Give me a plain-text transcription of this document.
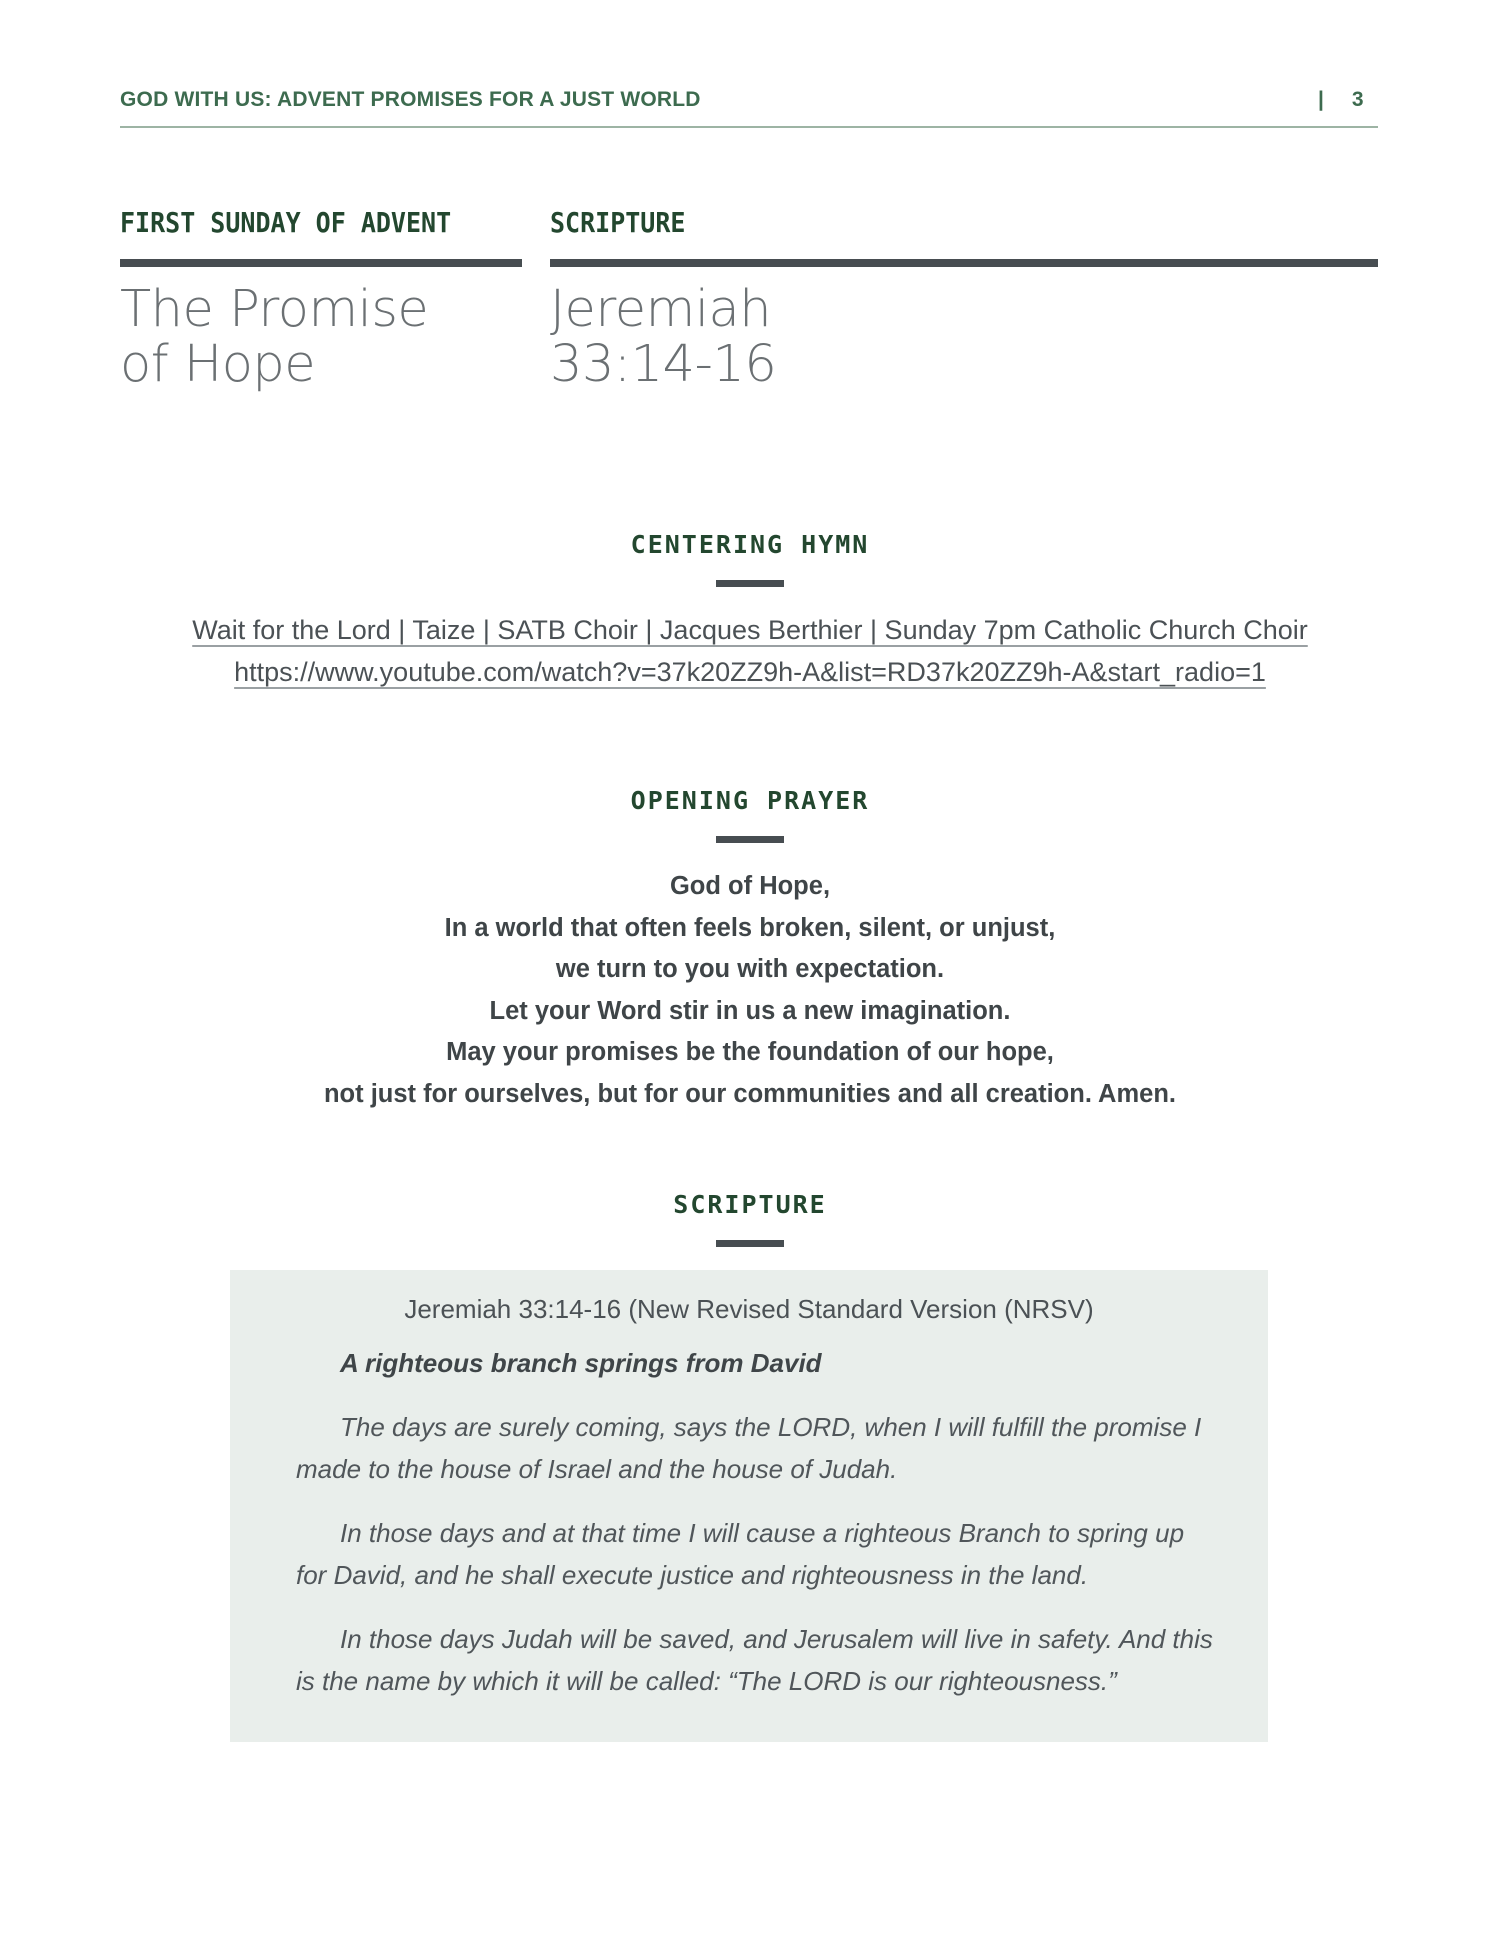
GOD WITH US: ADVENT PROMISES FOR A JUST WORLD	| 3
FIRST SUNDAY OF ADVENT	SCRIPTURE
The Promise
of Hope
Jeremiah
33:14-16
CENTERING HYMN
Wait for the Lord | Taize | SATB Choir | Jacques Berthier | Sunday 7pm Catholic Church Choir
https://www.youtube.com/watch?v=37k20ZZ9h-A&list=RD37k20ZZ9h-A&start_radio=1
OPENING PRAYER
God of Hope,
In a world that often feels broken, silent, or unjust,
we turn to you with expectation.
Let your Word stir in us a new imagination.
May your promises be the foundation of our hope,
not just for ourselves, but for our communities and all creation. Amen.
SCRIPTURE
Jeremiah 33:14-16 (New Revised Standard Version (NRSV)
A righteous branch springs from David
The days are surely coming, says the LORD, when I will fulfill the promise I made to the house of Israel and the house of Judah.
In those days and at that time I will cause a righteous Branch to spring up for David, and he shall execute justice and righteousness in the land.
In those days Judah will be saved, and Jerusalem will live in safety. And this is the name by which it will be called: “The LORD is our righteousness.”
